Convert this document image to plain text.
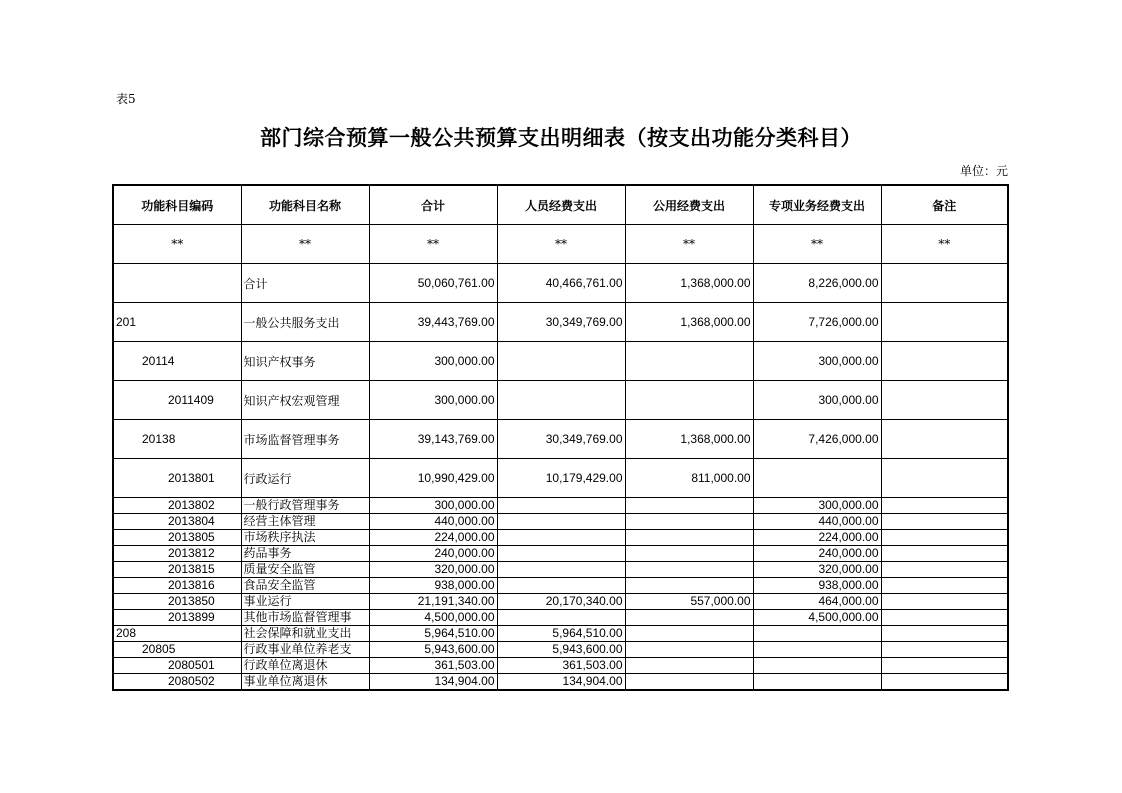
表5
部门综合预算一般公共预算支出明细表（按支出功能分类科目）
单位：元
功能科目编码	功能科目名称	合计	人员经费支出	公用经费支出	专项业务经费支出	备注
**	**	**	**	**	**	**
	合计	50,060,761.00	40,466,761.00	1,368,000.00	8,226,000.00	
201	一般公共服务支出	39,443,769.00	30,349,769.00	1,368,000.00	7,726,000.00	
20114	知识产权事务	300,000.00			300,000.00	
2011409	知识产权宏观管理	300,000.00			300,000.00	
20138	市场监督管理事务	39,143,769.00	30,349,769.00	1,368,000.00	7,426,000.00	
2013801	行政运行	10,990,429.00	10,179,429.00	811,000.00		
2013802	一般行政管理事务	300,000.00			300,000.00	
2013804	经营主体管理	440,000.00			440,000.00	
2013805	市场秩序执法	224,000.00			224,000.00	
2013812	药品事务	240,000.00			240,000.00	
2013815	质量安全监管	320,000.00			320,000.00	
2013816	食品安全监管	938,000.00			938,000.00	
2013850	事业运行	21,191,340.00	20,170,340.00	557,000.00	464,000.00	
2013899	其他市场监督管理事	4,500,000.00			4,500,000.00	
208	社会保障和就业支出	5,964,510.00	5,964,510.00			
20805	行政事业单位养老支	5,943,600.00	5,943,600.00			
2080501	行政单位离退休	361,503.00	361,503.00			
2080502	事业单位离退休	134,904.00	134,904.00			
